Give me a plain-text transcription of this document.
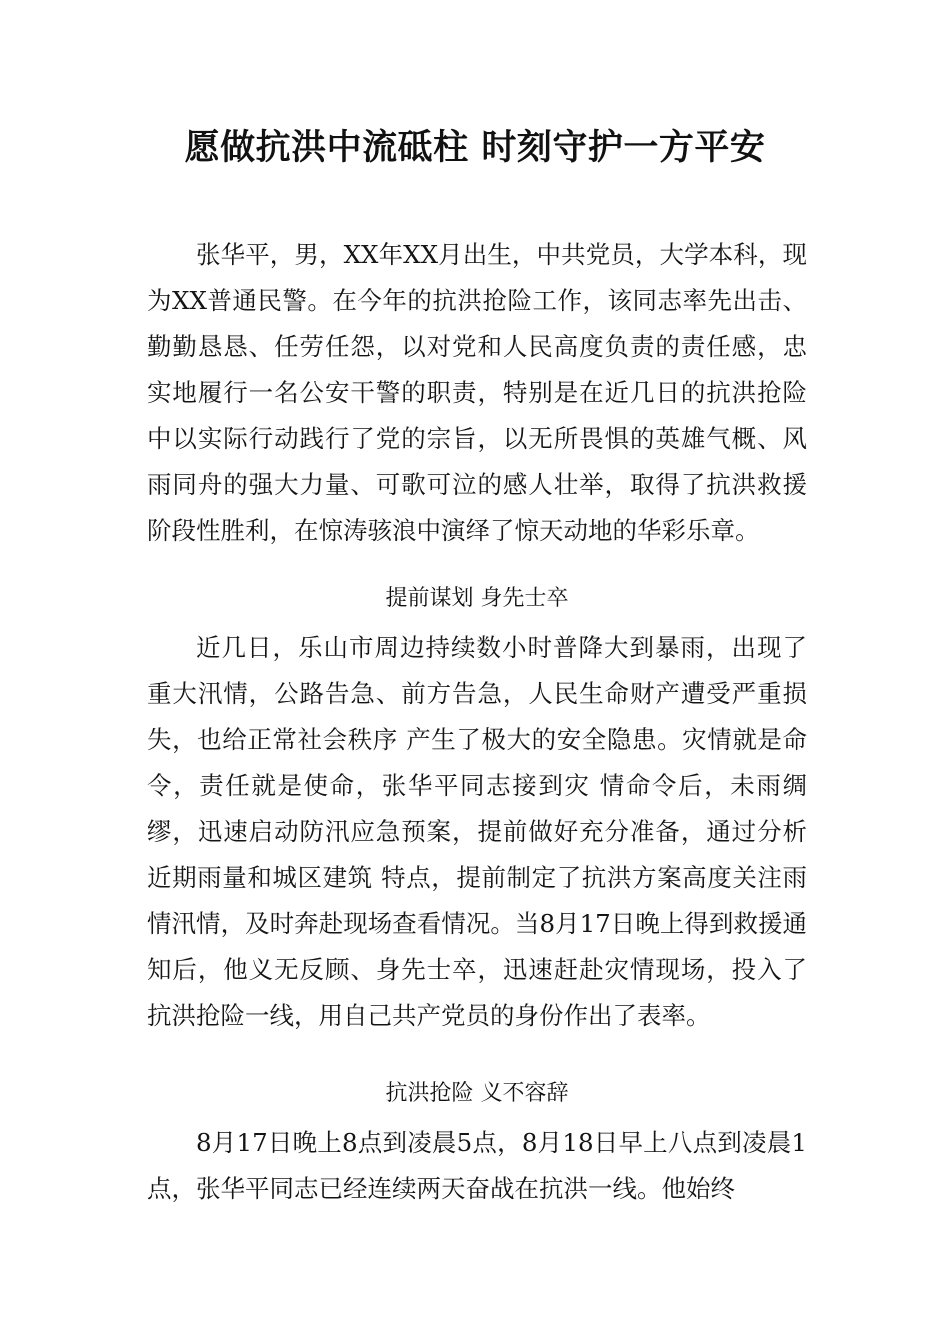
愿做抗洪中流砥柱 时刻守护一方平安

张华平，男，XX年XX月出生，中共党员，大学本科，现为XX普通民警。在今年的抗洪抢险工作，该同志率先出击、勤勤恳恳、任劳任怨，以对党和人民高度负责的责任感，忠实地履行一名公安干警的职责，特别是在近几日的抗洪抢险中以实际行动践行了党的宗旨，以无所畏惧的英雄气概、风雨同舟的强大力量、可歌可泣的感人壮举，取得了抗洪救援阶段性胜利，在惊涛骇浪中演绎了惊天动地的华彩乐章。

提前谋划 身先士卒

近几日，乐山市周边持续数小时普降大到暴雨，出现了重大汛情，公路告急、前方告急，人民生命财产遭受严重损失，也给正常社会秩序 产生了极大的安全隐患。灾情就是命令，责任就是使命，张华平同志接到灾 情命令后，未雨绸缪，迅速启动防汛应急预案，提前做好充分准备，通过分析近期雨量和城区建筑 特点，提前制定了抗洪方案高度关注雨情汛情，及时奔赴现场查看情况。当8月17日晚上得到救援通知后，他义无反顾、身先士卒，迅速赶赴灾情现场，投入了抗洪抢险一线，用自己共产党员的身份作出了表率。

抗洪抢险 义不容辞

8月17日晚上8点到凌晨5点，8月18日早上八点到凌晨1点，张华平同志已经连续两天奋战在抗洪一线。他始终
